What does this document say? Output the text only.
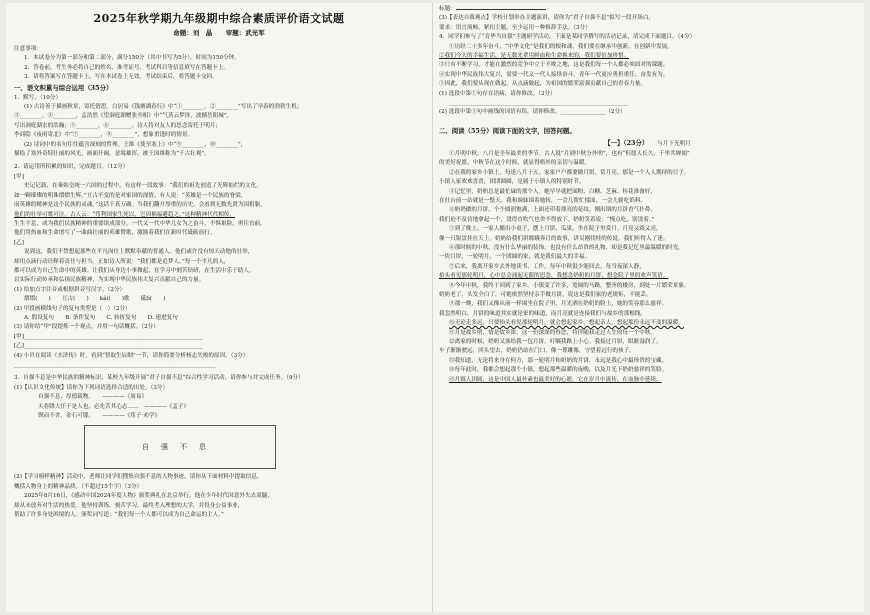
2025年秋学期九年级期中综合素质评价语文试题
命题：刘　晶 审题：武光军
注意事项：
1．本试卷分为第一部分和第二部分，满分150分（其中书写为5分），时间为150分钟。
2．答卷前，考生务必将自己的姓名、准考证号、考试科目等信息填写在答题卡上。
3．请将答案写在答题卡上，写在本试卷上无效。考试结束后，将答题卡交回。
一、语文积累与综合运用（35分）
1．默写。（10分）
(1) 古诗善于描画秋景，寄托情思。白居易《钱塘湖春行》中“①________，②________”写出了早春的勃勃生机；
③________，④________，孟浩然《望洞庭湖赠张丞相》中“气蒸云梦泽，波撼岳阳城”，
写出洞庭湖水的浩瀚；⑤________，⑥________。诗人将对友人的思念寄托于明月；
李商隐《夜雨寄北》中“⑦________，⑧________”，想象重逢时的情景。
(2) 诗词中的名句往往蕴含深刻的哲理。王维《使至塞上》中“⑨________，⑩________”，
描绘了塞外奇特壮丽的风光，画面开阔，意境雄浑，被王国维称为“千古壮观”。
2．请运用所积累的知识，完成题目。（12分）
[甲]
史记记载，在秦始皇统一六国的过程中，有这样一段故事：“我们的祖先创造了光辉灿烂的文化，
如一颗璀璨的明珠熠熠生辉。”亘古不变的是对家国的深情。有人说：“英雄是一个民族的脊梁，
而英雄的精神是这个民族的灵魂。”这话千真万确。当我们翻开厚重的历史，会看到无数先贤为国捐躯，
他们的壮举可歌可泣。古人云：“苟利国家生死以，岂因祸福避趋之。”这种精神代代相传，
生生不息，成为我们民族精神的重要组成部分。一代又一代中华儿女为之奋斗，不惧艰险，勇往直前。
他们用热血和生命谱写了一曲曲壮丽的英雄赞歌，激励着我们在新时代砥砺前行。
[乙]
说到这，我们不禁想起那些在平凡岗位上默默奉献的普通人。他们或许没有惊天动地的壮举，
却用点滴行动诠释着责任与担当。正如诗人所说：“我们都是追梦人。”每一个平凡的人，
都可以成为自己生命中的英雄。让我们从身边小事做起，在学习中刻苦钻研，在生活中乐于助人，
以实际行动传承和弘扬民族精神，为实现中华民族伟大复兴贡献自己的力量。
(1) 给加点字注音或根据拼音写汉字。（2分）
熠熠(　　)　　亘古(　　)　　kǎi(　　)歌　　砥lì(　　)
(2) 甲段画横线句子的复句类型是（　）（2分）
A. 假设复句　　B. 条件复句　　C. 转折复句　　D. 递进复句
(3) 请你给“甲”段提炼一个观点，并用一句话概括。（2分）
[甲]________________________________________________________________
[乙]________________________________________________________________
(4) 小贝在阅读《水浒传》时，看到“智取生辰纲”一节，请你简要分析杨志失败的原因。（3分）
________________________________________________________________________
3．自强不息是中华民族的精神标识，某校九年级开展“君子自强不息”综合性学习活动，请你参与并完成任务。（9分）
(1)【认识文化传统】请你为下列词语选择合适的出处。（3分）
自强不息，厚德载物。　　————《周易》
天将降大任于是人也，必先苦其心志……　————《孟子》
锲而不舍，金石可镂。　　————《荀子·劝学》
自强不息
(2)【学习榜样精神】活动中，老师让同学们搜集自强不息的人物事迹，请你从下面材料中提取信息，
概括人物身上的精神品质。（不超过15个字）（3分）
2025年8月16日，《感动中国2024年度人物》颁奖典礼在北京举行。他在少年时代因意外失去双腿，
却从未放弃对生活的热爱。他坚持训练、刻苦学习，最终考入理想的大学，并投身公益事业，
帮助了许多身处困境的人。颁奖词写道：“我们每一个人都可以成为自己命运的主人。”
标题：
(3)【表达自我观点】学校计划举办主题演讲，请你为“君子自强不息”拟写一段开场白，
要求：语言流畅，紧扣主题，至少运用一种修辞手法。（3分）
4．同学们参与了“育华当自强”主题研学活动，下面是某同学撰写的活动记录，请完成下面题目。（4分）
①历经二十多年奋斗，“中华文化”是我们的根和魂，我们要在继承中创新，在创新中发展。
②我们今天的幸福生活，是无数先辈用鲜血和生命换来的，我们要倍加珍惜。
③只有不断学习，才能在激烈的竞争中立于不败之地，这是我们每一个人都必须面对的课题。
④实现中华民族伟大复兴，需要一代又一代人接续奋斗，青年一代更应勇担重任、奋发有为。
⑤因此，我们要从现在做起，从点滴做起，为祖国的繁荣富强贡献自己的青春力量。
(1) 选段中第①句存在语病，请你修改。（2分）
________________________________________________________________
(2) 选段中第⑤句中画线的词语有误，请你修改。________________（2分）
二、阅读（55分）阅读下面的文字，回答问题。
【一】（23分） 与月下光明月
①月明中秋，八月是全年最美的季节。古人说“月到中秋分外明”，也有“但愿人长久，千里共婵娟”
的美好祝愿。中秋节在这个时候，就显得格外的亲切与温暖。
②在我的家乡小镇上，每逢八月十五，家家户户都要做月饼、赏月亮。那是一个人人期待的日子，
小镇人家欢欢喜喜，团团圆圆，是属于小镇人的特别时节。
③记忆里，奶奶总是最忙碌的那个人。她早早就把面粉、白糖、芝麻、桂花准备好，
在灶台前一站就是一整天。我和妹妹围着她转，一会儿帮忙揉面，一会儿偷吃馅料。
④奶奶做的月饼，个个圆润饱满，上面还印着漂亮的花纹。刚出锅的月饼香气扑鼻，
我们迫不及待地拿起一个，烫得直吹气也舍不得放下。奶奶笑着说：“慢点吃，别烫着。”
⑤到了晚上，一家人搬出小桌子，摆上月饼、瓜果，坐在院子里赏月。月亮又圆又亮，
像一只银盘挂在天上。奶奶给我们讲嫦娥奔月的故事，讲吴刚伐桂的传说，我们听得入了迷。
⑥那时候的中秋，没有什么华丽的装饰，也没有什么昂贵的礼物，却是我记忆里最温暖的时光。
一块月饼，一轮明月，一个团圆的家，就是我们最大的幸福。
⑦后来，我离开家乡去外地读书、工作，每年中秋很少能回去。每当夜深人静，
抬头看见那轮明月，心中总会涌起无限的思念。我想念奶奶的月饼，想念院子里的欢声笑语。
⑧今年中秋，我终于回到了家乡。小镇变了许多，宽阔的马路，整齐的楼房，到处一片繁荣景象。
奶奶老了，头发全白了，可她依然坚持亲手做月饼，说这是我们家的老规矩，不能丢。
⑨那一晚，我们又像从前一样围坐在院子里。月光洒在奶奶的脸上，她的笑容那么慈祥。
我忽然明白，月饼的味道其实就是家的味道，而月亮就是连接我们与故乡的那根线。
⑩无论走多远，只要抬头看见那轮明月，就会想起家乡，想起亲人，想起那份永远不变的温暖。
⑪月是故乡明，情是故乡浓。这一份深深的眷恋，将伴随我走过人生的每一个中秋。
⑫离家的时候，奶奶又塞给我一包月饼，叮嘱我路上小心。我接过月饼，眼眶湿润了。
车子渐渐驶远，回头望去，奶奶仍站在门口，像一尊雕像，守望着远行的孩子。
⑬我知道，无论将来身在何方，那一轮明月和奶奶的月饼，永远是我心中最珍贵的宝藏。
⑭每年此时，我都会想起那个小镇，想起那些温暖的夜晚，以及月光下奶奶慈祥的笑脸。
⑮月圆人团圆，这是中国人最朴素也最美好的心愿，它在岁月中流传，在血脉中延续。
